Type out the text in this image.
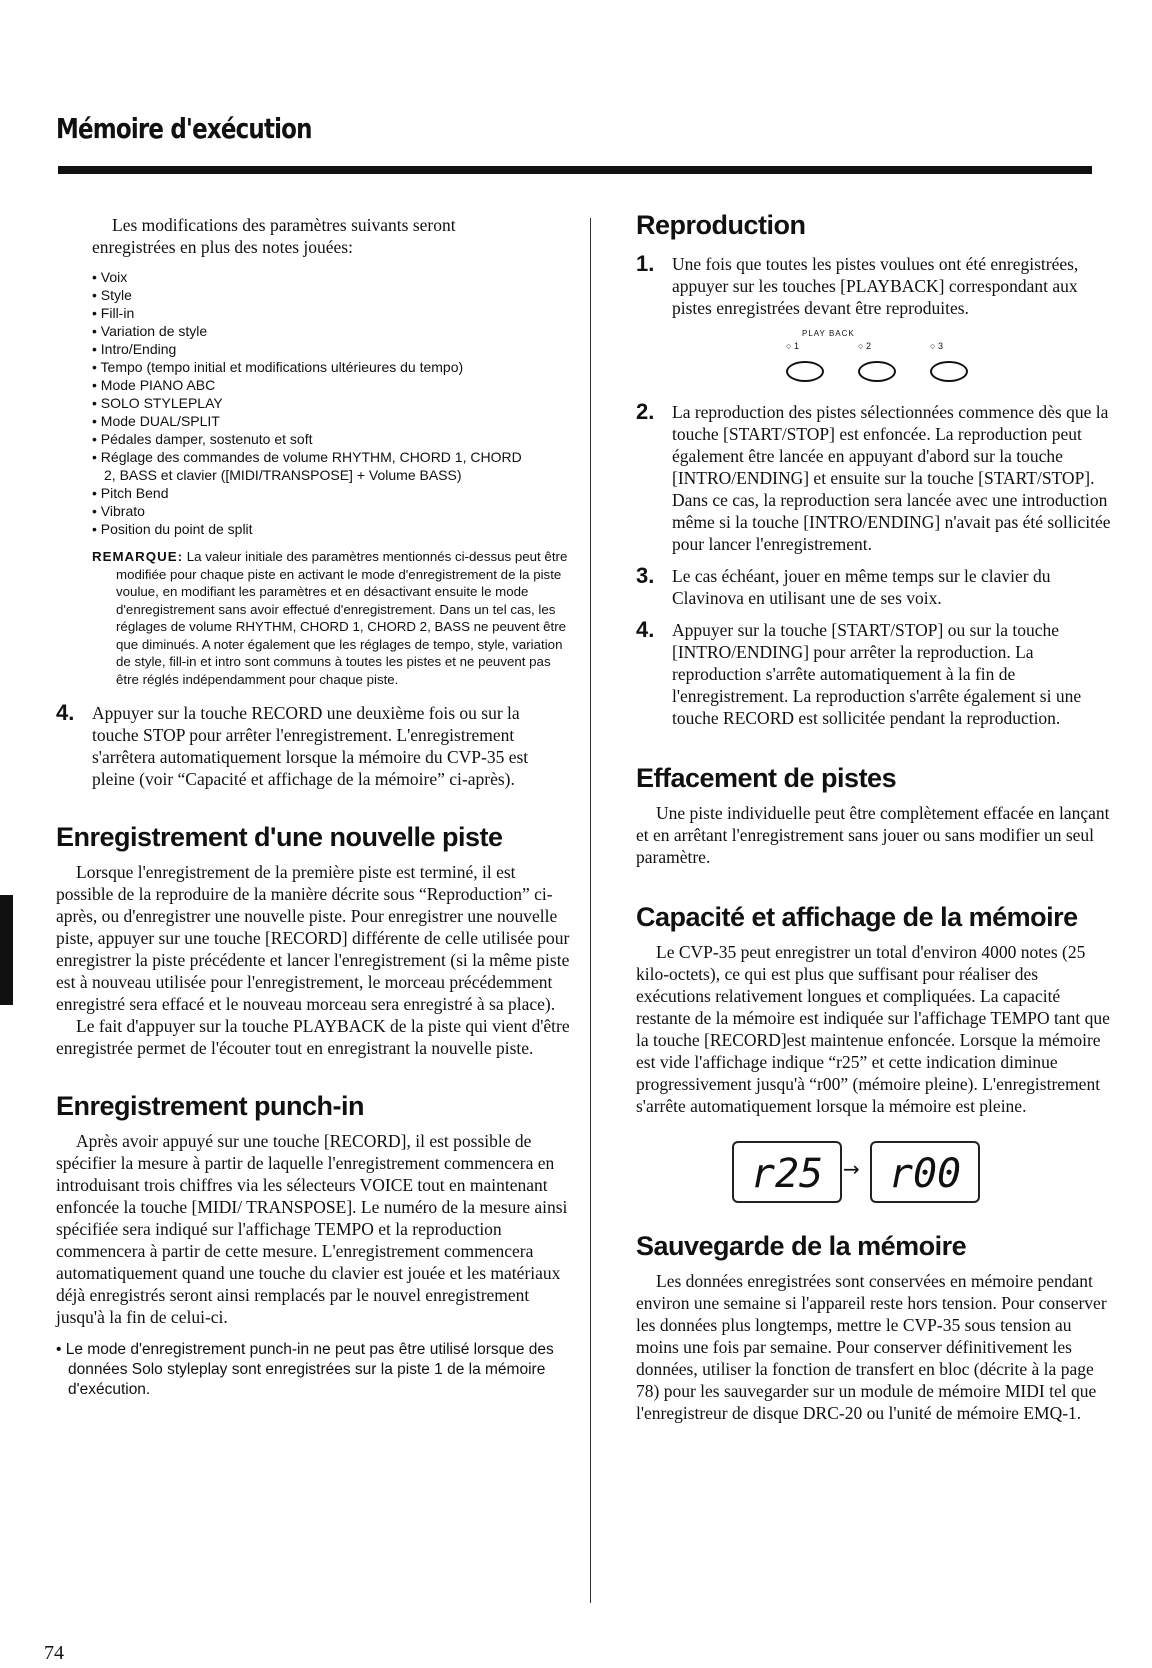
Mémoire d'exécution

Les modifications des paramètres suivants seront enregistrées en plus des notes jouées:

• Voix
• Style
• Fill-in
• Variation de style
• Intro/Ending
• Tempo (tempo initial et modifications ultérieures du tempo)
• Mode PIANO ABC
• SOLO STYLEPLAY
• Mode DUAL/SPLIT
• Pédales damper, sostenuto et soft
• Réglage des commandes de volume RHYTHM, CHORD 1, CHORD 2, BASS et clavier ([MIDI/TRANSPOSE] + Volume BASS)
• Pitch Bend
• Vibrato
• Position du point de split

REMARQUE: La valeur initiale des paramètres mentionnés ci-dessus peut être modifiée pour chaque piste en activant le mode d'enregistrement de la piste voulue, en modifiant les paramètres et en désactivant ensuite le mode d'enregistrement sans avoir effectué d'enregistrement. Dans un tel cas, les réglages de volume RHYTHM, CHORD 1, CHORD 2, BASS ne peuvent être que diminués. A noter également que les réglages de tempo, style, variation de style, fill-in et intro sont communs à toutes les pistes et ne peuvent pas être réglés indépendamment pour chaque piste.

4.	Appuyer sur la touche RECORD une deuxième fois ou sur la touche STOP pour arrêter l'enregistrement. L'enregistrement s'arrêtera automatiquement lorsque la mémoire du CVP-35 est pleine (voir “Capacité et affichage de la mémoire” ci-après).

Enregistrement d'une nouvelle piste

Lorsque l'enregistrement de la première piste est terminé, il est possible de la reproduire de la manière décrite sous “Reproduction” ci-après, ou d'enregistrer une nouvelle piste. Pour enregistrer une nouvelle piste, appuyer sur une touche [RECORD] différente de celle utilisée pour enregistrer la piste précédente et lancer l'enregistrement (si la même piste est à nouveau utilisée pour l'enregistrement, le morceau précédemment enregistré sera effacé et le nouveau morceau sera enregistré à sa place).

Le fait d'appuyer sur la touche PLAYBACK de la piste qui vient d'être enregistrée permet de l'écouter tout en enregistrant la nouvelle piste.

Enregistrement punch-in

Après avoir appuyé sur une touche [RECORD], il est possible de spécifier la mesure à partir de laquelle l'enregistrement commencera en introduisant trois chiffres via les sélecteurs VOICE tout en maintenant enfoncée la touche [MIDI/ TRANSPOSE]. Le numéro de la mesure ainsi spécifiée sera indiqué sur l'affichage TEMPO et la reproduction commencera à partir de cette mesure. L'enregistrement commencera automatiquement quand une touche du clavier est jouée et les matériaux déjà enregistrés seront ainsi remplacés par le nouvel enregistrement jusqu'à la fin de celui-ci.

• Le mode d'enregistrement punch-in ne peut pas être utilisé lorsque des données Solo styleplay sont enregistrées sur la piste 1 de la mémoire d'exécution.

Reproduction
1.	Une fois que toutes les pistes voulues ont été enregistrées, appuyer sur les touches [PLAYBACK] correspondant aux pistes enregistrées devant être reproduites.

PLAY BACK
○ 1	○ 2	○ 3
2.	La reproduction des pistes sélectionnées commence dès que la touche [START/STOP] est enfoncée. La reproduction peut également être lancée en appuyant d'abord sur la touche [INTRO/ENDING] et ensuite sur la touche [START/STOP]. Dans ce cas, la reproduction sera lancée avec une introduction même si la touche [INTRO/ENDING] n'avait pas été sollicitée pour lancer l'enregistrement.

3.	Le cas échéant, jouer en même temps sur le clavier du Clavinova en utilisant une de ses voix.

4.	Appuyer sur la touche [START/STOP] ou sur la touche [INTRO/ENDING] pour arrêter la reproduction. La reproduction s'arrête automatiquement à la fin de l'enregistrement. La reproduction s'arrête également si une touche RECORD est sollicitée pendant la reproduction.

Effacement de pistes

Une piste individuelle peut être complètement effacée en lançant et en arrêtant l'enregistrement sans jouer ou sans modifier un seul paramètre.

Capacité et affichage de la mémoire

Le CVP-35 peut enregistrer un total d'environ 4000 notes (25 kilo-octets), ce qui est plus que suffisant pour réaliser des exécutions relativement longues et compliquées. La capacité restante de la mémoire est indiquée sur l'affichage TEMPO tant que la touche [RECORD]est maintenue enfoncée. Lorsque la mémoire est vide l'affichage indique “r25” et cette indication diminue progressivement jusqu'à “r00” (mémoire pleine). L'enregistrement s'arrête automatiquement lorsque la mémoire est pleine.

r25 → r00
Sauvegarde de la mémoire

Les données enregistrées sont conservées en mémoire pendant environ une semaine si l'appareil reste hors tension. Pour conserver les données plus longtemps, mettre le CVP-35 sous tension au moins une fois par semaine. Pour conserver définitivement les données, utiliser la fonction de transfert en bloc (décrite à la page 78) pour les sauvegarder sur un module de mémoire MIDI tel que l'enregistreur de disque DRC-20 ou l'unité de mémoire EMQ-1.

74
